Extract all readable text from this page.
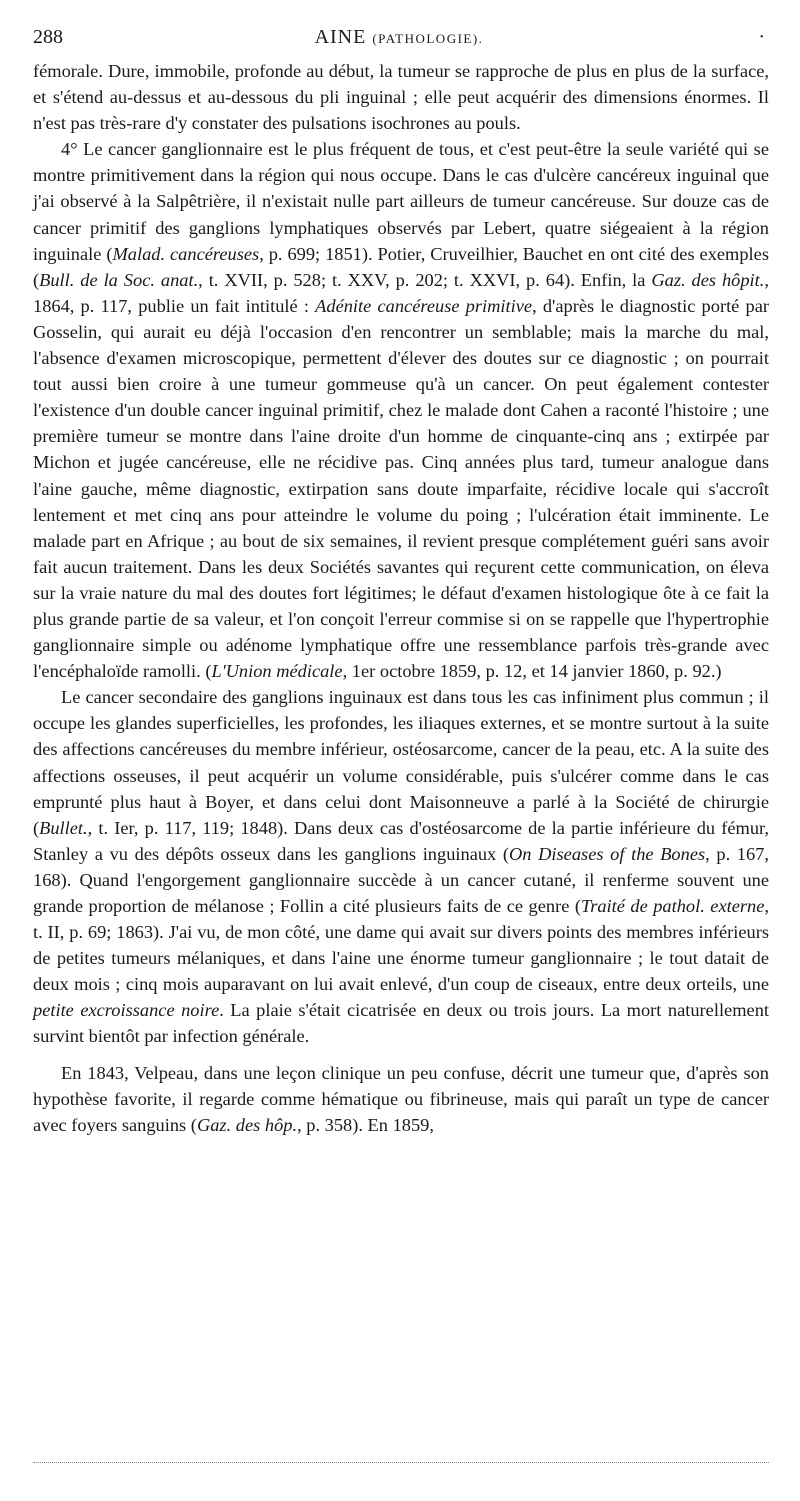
288	AINE (PATHOLOGIE).	·

fémorale. Dure, immobile, profonde au début, la tumeur se rapproche de plus en plus de la surface, et s'étend au-dessus et au-dessous du pli inguinal ; elle peut acquérir des dimensions énormes. Il n'est pas très-rare d'y constater des pulsations isochrones au pouls.

4° Le cancer ganglionnaire est le plus fréquent de tous, et c'est peut-être la seule variété qui se montre primitivement dans la région qui nous occupe. Dans le cas d'ulcère cancéreux inguinal que j'ai observé à la Salpêtrière, il n'existait nulle part ailleurs de tumeur cancéreuse. Sur douze cas de cancer primitif des ganglions lymphatiques observés par Lebert, quatre siégeaient à la région inguinale (Malad. cancéreuses, p. 699; 1851). Potier, Cruveilhier, Bauchet en ont cité des exemples (Bull. de la Soc. anat., t. XVII, p. 528; t. XXV, p. 202; t. XXVI, p. 64). Enfin, la Gaz. des hôpit., 1864, p. 117, publie un fait intitulé : Adénite cancéreuse primitive, d'après le diagnostic porté par Gosselin, qui aurait eu déjà l'occasion d'en rencontrer un semblable; mais la marche du mal, l'absence d'examen microscopique, permettent d'élever des doutes sur ce diagnostic ; on pourrait tout aussi bien croire à une tumeur gommeuse qu'à un cancer. On peut également contester l'existence d'un double cancer inguinal primitif, chez le malade dont Cahen a raconté l'histoire ; une première tumeur se montre dans l'aine droite d'un homme de cinquante-cinq ans ; extirpée par Michon et jugée cancéreuse, elle ne récidive pas. Cinq années plus tard, tumeur analogue dans l'aine gauche, même diagnostic, extirpation sans doute imparfaite, récidive locale qui s'accroît lentement et met cinq ans pour atteindre le volume du poing ; l'ulcération était imminente. Le malade part en Afrique ; au bout de six semaines, il revient presque complétement guéri sans avoir fait aucun traitement. Dans les deux Sociétés savantes qui reçurent cette communication, on éleva sur la vraie nature du mal des doutes fort légitimes; le défaut d'examen histologique ôte à ce fait la plus grande partie de sa valeur, et l'on conçoit l'erreur commise si on se rappelle que l'hypertrophie ganglionnaire simple ou adénome lymphatique offre une ressemblance parfois très-grande avec l'encéphaloïde ramolli. (L'Union médicale, 1er octobre 1859, p. 12, et 14 janvier 1860, p. 92.)

Le cancer secondaire des ganglions inguinaux est dans tous les cas infiniment plus commun ; il occupe les glandes superficielles, les profondes, les iliaques externes, et se montre surtout à la suite des affections cancéreuses du membre inférieur, ostéosarcome, cancer de la peau, etc. A la suite des affections osseuses, il peut acquérir un volume considérable, puis s'ulcérer comme dans le cas emprunté plus haut à Boyer, et dans celui dont Maisonneuve a parlé à la Société de chirurgie (Bullet., t. Ier, p. 117, 119; 1848). Dans deux cas d'ostéosarcome de la partie inférieure du fémur, Stanley a vu des dépôts osseux dans les ganglions inguinaux (On Diseases of the Bones, p. 167, 168). Quand l'engorgement ganglionnaire succède à un cancer cutané, il renferme souvent une grande proportion de mélanose ; Follin a cité plusieurs faits de ce genre (Traité de pathol. externe, t. II, p. 69; 1863). J'ai vu, de mon côté, une dame qui avait sur divers points des membres inférieurs de petites tumeurs mélaniques, et dans l'aine une énorme tumeur ganglionnaire ; le tout datait de deux mois ; cinq mois auparavant on lui avait enlevé, d'un coup de ciseaux, entre deux orteils, une petite excroissance noire. La plaie s'était cicatrisée en deux ou trois jours. La mort naturellement survint bientôt par infection générale.

En 1843, Velpeau, dans une leçon clinique un peu confuse, décrit une tumeur que, d'après son hypothèse favorite, il regarde comme hématique ou fibrineuse, mais qui paraît un type de cancer avec foyers sanguins (Gaz. des hôp., p. 358). En 1859,
